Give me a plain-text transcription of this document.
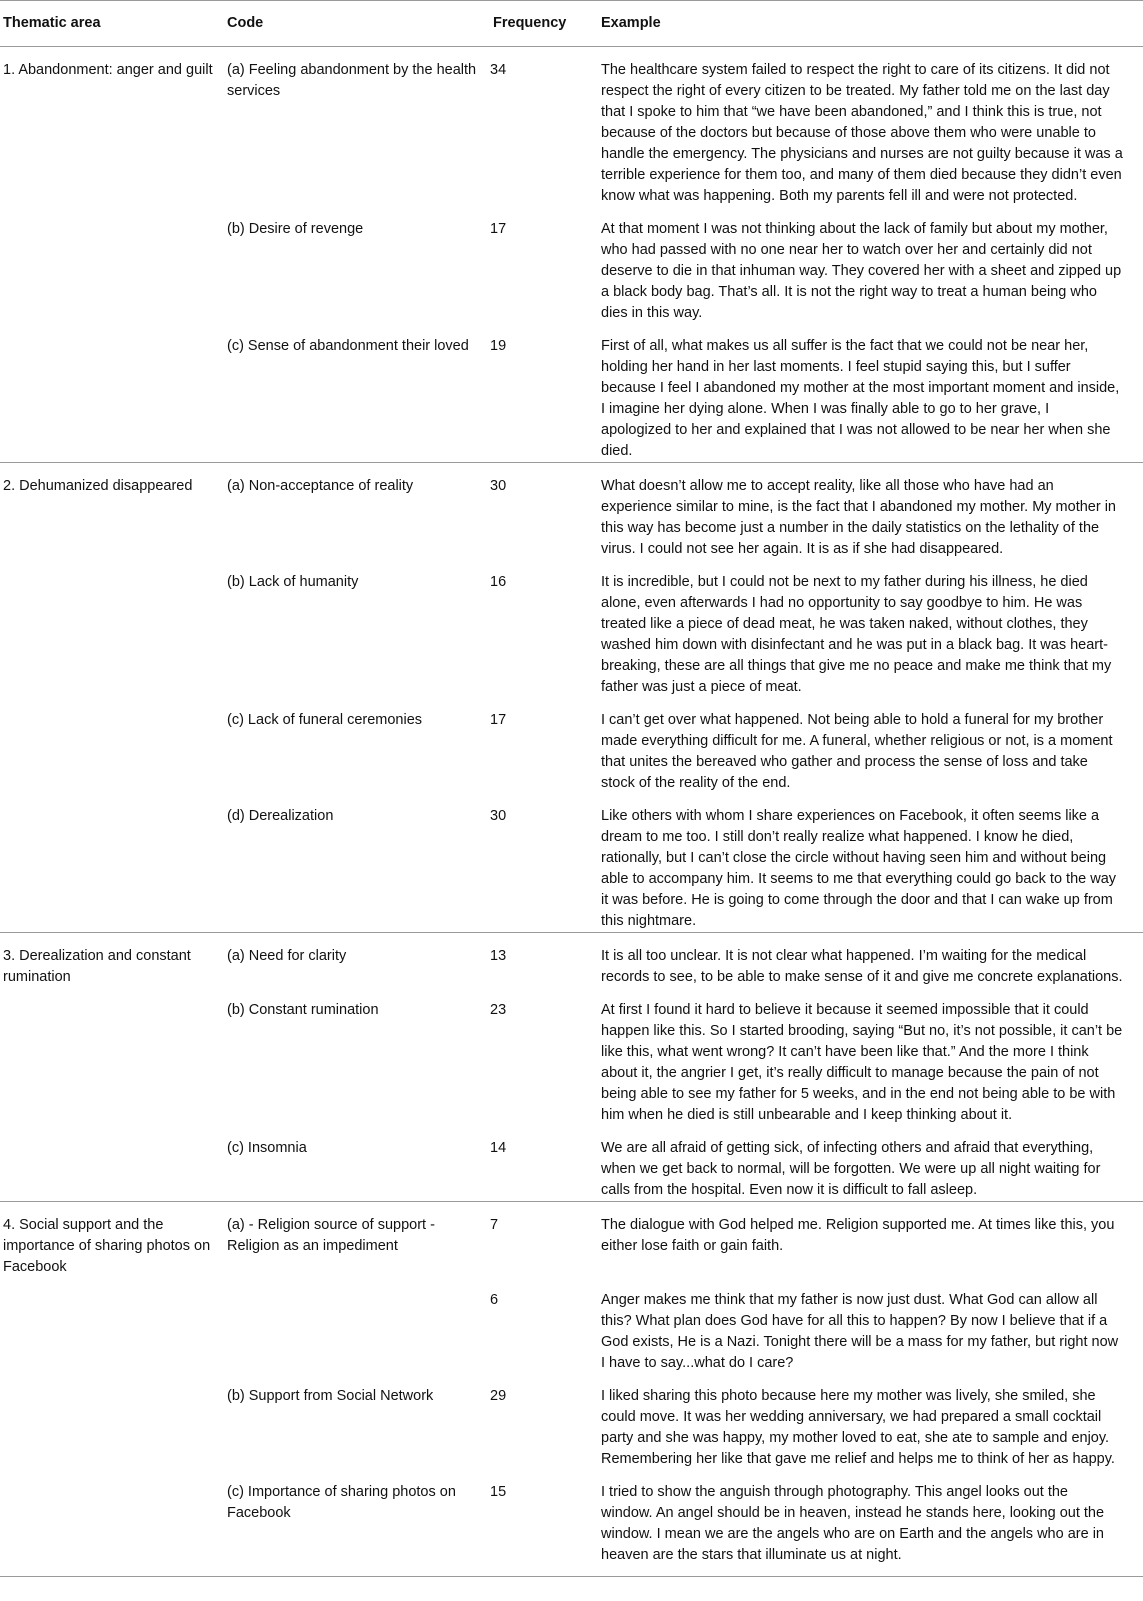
Thematic area	Code	Frequency	Example
1. Abandonment: anger and guilt	(a) Feeling abandonment by the health services	34	The healthcare system failed to respect the right to care of its citizens. It did not respect the right of every citizen to be treated. My father told me on the last day that I spoke to him that “we have been abandoned,” and I think this is true, not because of the doctors but because of those above them who were unable to handle the emergency. The physicians and nurses are not guilty because it was a terrible experience for them too, and many of them died because they didn’t even know what was happening. Both my parents fell ill and were not protected.
	(b) Desire of revenge	17	At that moment I was not thinking about the lack of family but about my mother, who had passed with no one near her to watch over her and certainly did not deserve to die in that inhuman way. They covered her with a sheet and zipped up a black body bag. That’s all. It is not the right way to treat a human being who dies in this way.
	(c) Sense of abandonment their loved	19	First of all, what makes us all suffer is the fact that we could not be near her, holding her hand in her last moments. I feel stupid saying this, but I suffer because I feel I abandoned my mother at the most important moment and inside, I imagine her dying alone. When I was finally able to go to her grave, I apologized to her and explained that I was not allowed to be near her when she died.
2. Dehumanized disappeared	(a) Non-acceptance of reality	30	What doesn’t allow me to accept reality, like all those who have had an experience similar to mine, is the fact that I abandoned my mother. My mother in this way has become just a number in the daily statistics on the lethality of the virus. I could not see her again. It is as if she had disappeared.
	(b) Lack of humanity	16	It is incredible, but I could not be next to my father during his illness, he died alone, even afterwards I had no opportunity to say goodbye to him. He was treated like a piece of dead meat, he was taken naked, without clothes, they washed him down with disinfectant and he was put in a black bag. It was heart-breaking, these are all things that give me no peace and make me think that my father was just a piece of meat.
	(c) Lack of funeral ceremonies	17	I can’t get over what happened. Not being able to hold a funeral for my brother made everything difficult for me. A funeral, whether religious or not, is a moment that unites the bereaved who gather and process the sense of loss and take stock of the reality of the end.
	(d) Derealization	30	Like others with whom I share experiences on Facebook, it often seems like a dream to me too. I still don’t really realize what happened. I know he died, rationally, but I can’t close the circle without having seen him and without being able to accompany him. It seems to me that everything could go back to the way it was before. He is going to come through the door and that I can wake up from this nightmare.
3. Derealization and constant rumination	(a) Need for clarity	13	It is all too unclear. It is not clear what happened. I’m waiting for the medical records to see, to be able to make sense of it and give me concrete explanations.
	(b) Constant rumination	23	At first I found it hard to believe it because it seemed impossible that it could happen like this. So I started brooding, saying “But no, it’s not possible, it can’t be like this, what went wrong? It can’t have been like that.” And the more I think about it, the angrier I get, it’s really difficult to manage because the pain of not being able to see my father for 5 weeks, and in the end not being able to be with him when he died is still unbearable and I keep thinking about it.
	(c) Insomnia	14	We are all afraid of getting sick, of infecting others and afraid that everything, when we get back to normal, will be forgotten. We were up all night waiting for calls from the hospital. Even now it is difficult to fall asleep.
4. Social support and the importance of sharing photos on Facebook	(a) - Religion source of support - Religion as an impediment	7	The dialogue with God helped me. Religion supported me. At times like this, you either lose faith or gain faith.
		6	Anger makes me think that my father is now just dust. What God can allow all this? What plan does God have for all this to happen? By now I believe that if a God exists, He is a Nazi. Tonight there will be a mass for my father, but right now I have to say...what do I care?
	(b) Support from Social Network	29	I liked sharing this photo because here my mother was lively, she smiled, she could move. It was her wedding anniversary, we had prepared a small cocktail party and she was happy, my mother loved to eat, she ate to sample and enjoy. Remembering her like that gave me relief and helps me to think of her as happy.
	(c) Importance of sharing photos on Facebook	15	I tried to show the anguish through photography. This angel looks out the window. An angel should be in heaven, instead he stands here, looking out the window. I mean we are the angels who are on Earth and the angels who are in heaven are the stars that illuminate us at night.
